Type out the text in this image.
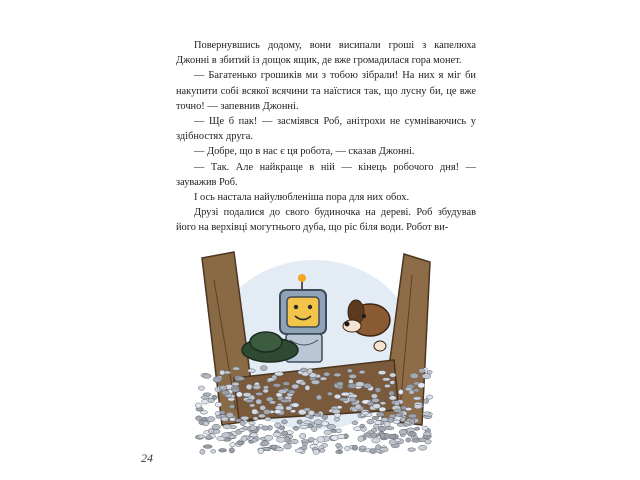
Повернувшись додому, вони висипали гроші з капелюха Джонні в збитий із дощок ящик, де вже громадилася гора монет.

— Багатенько грошиків ми з тобою зібрали! На них я міг би накупити собі всякої всячини та наїстися так, що лусну би, це вже точно! — запевнив Джонні.

— Ще б пак! — засміявся Роб, анітрохи не сумніваючись у здібностях друга.

— Добре, що в нас є ця робота, — сказав Джонні.

— Так. Але найкраще в ній — кінець робочого дня! — зауважив Роб.

І ось настала найулюбленіша пора для них обох.

Друзі подалися до свого будиночка на дереві. Роб збудував його на верхівці могутнього дуба, що ріс біля води. Робот ви-

24
